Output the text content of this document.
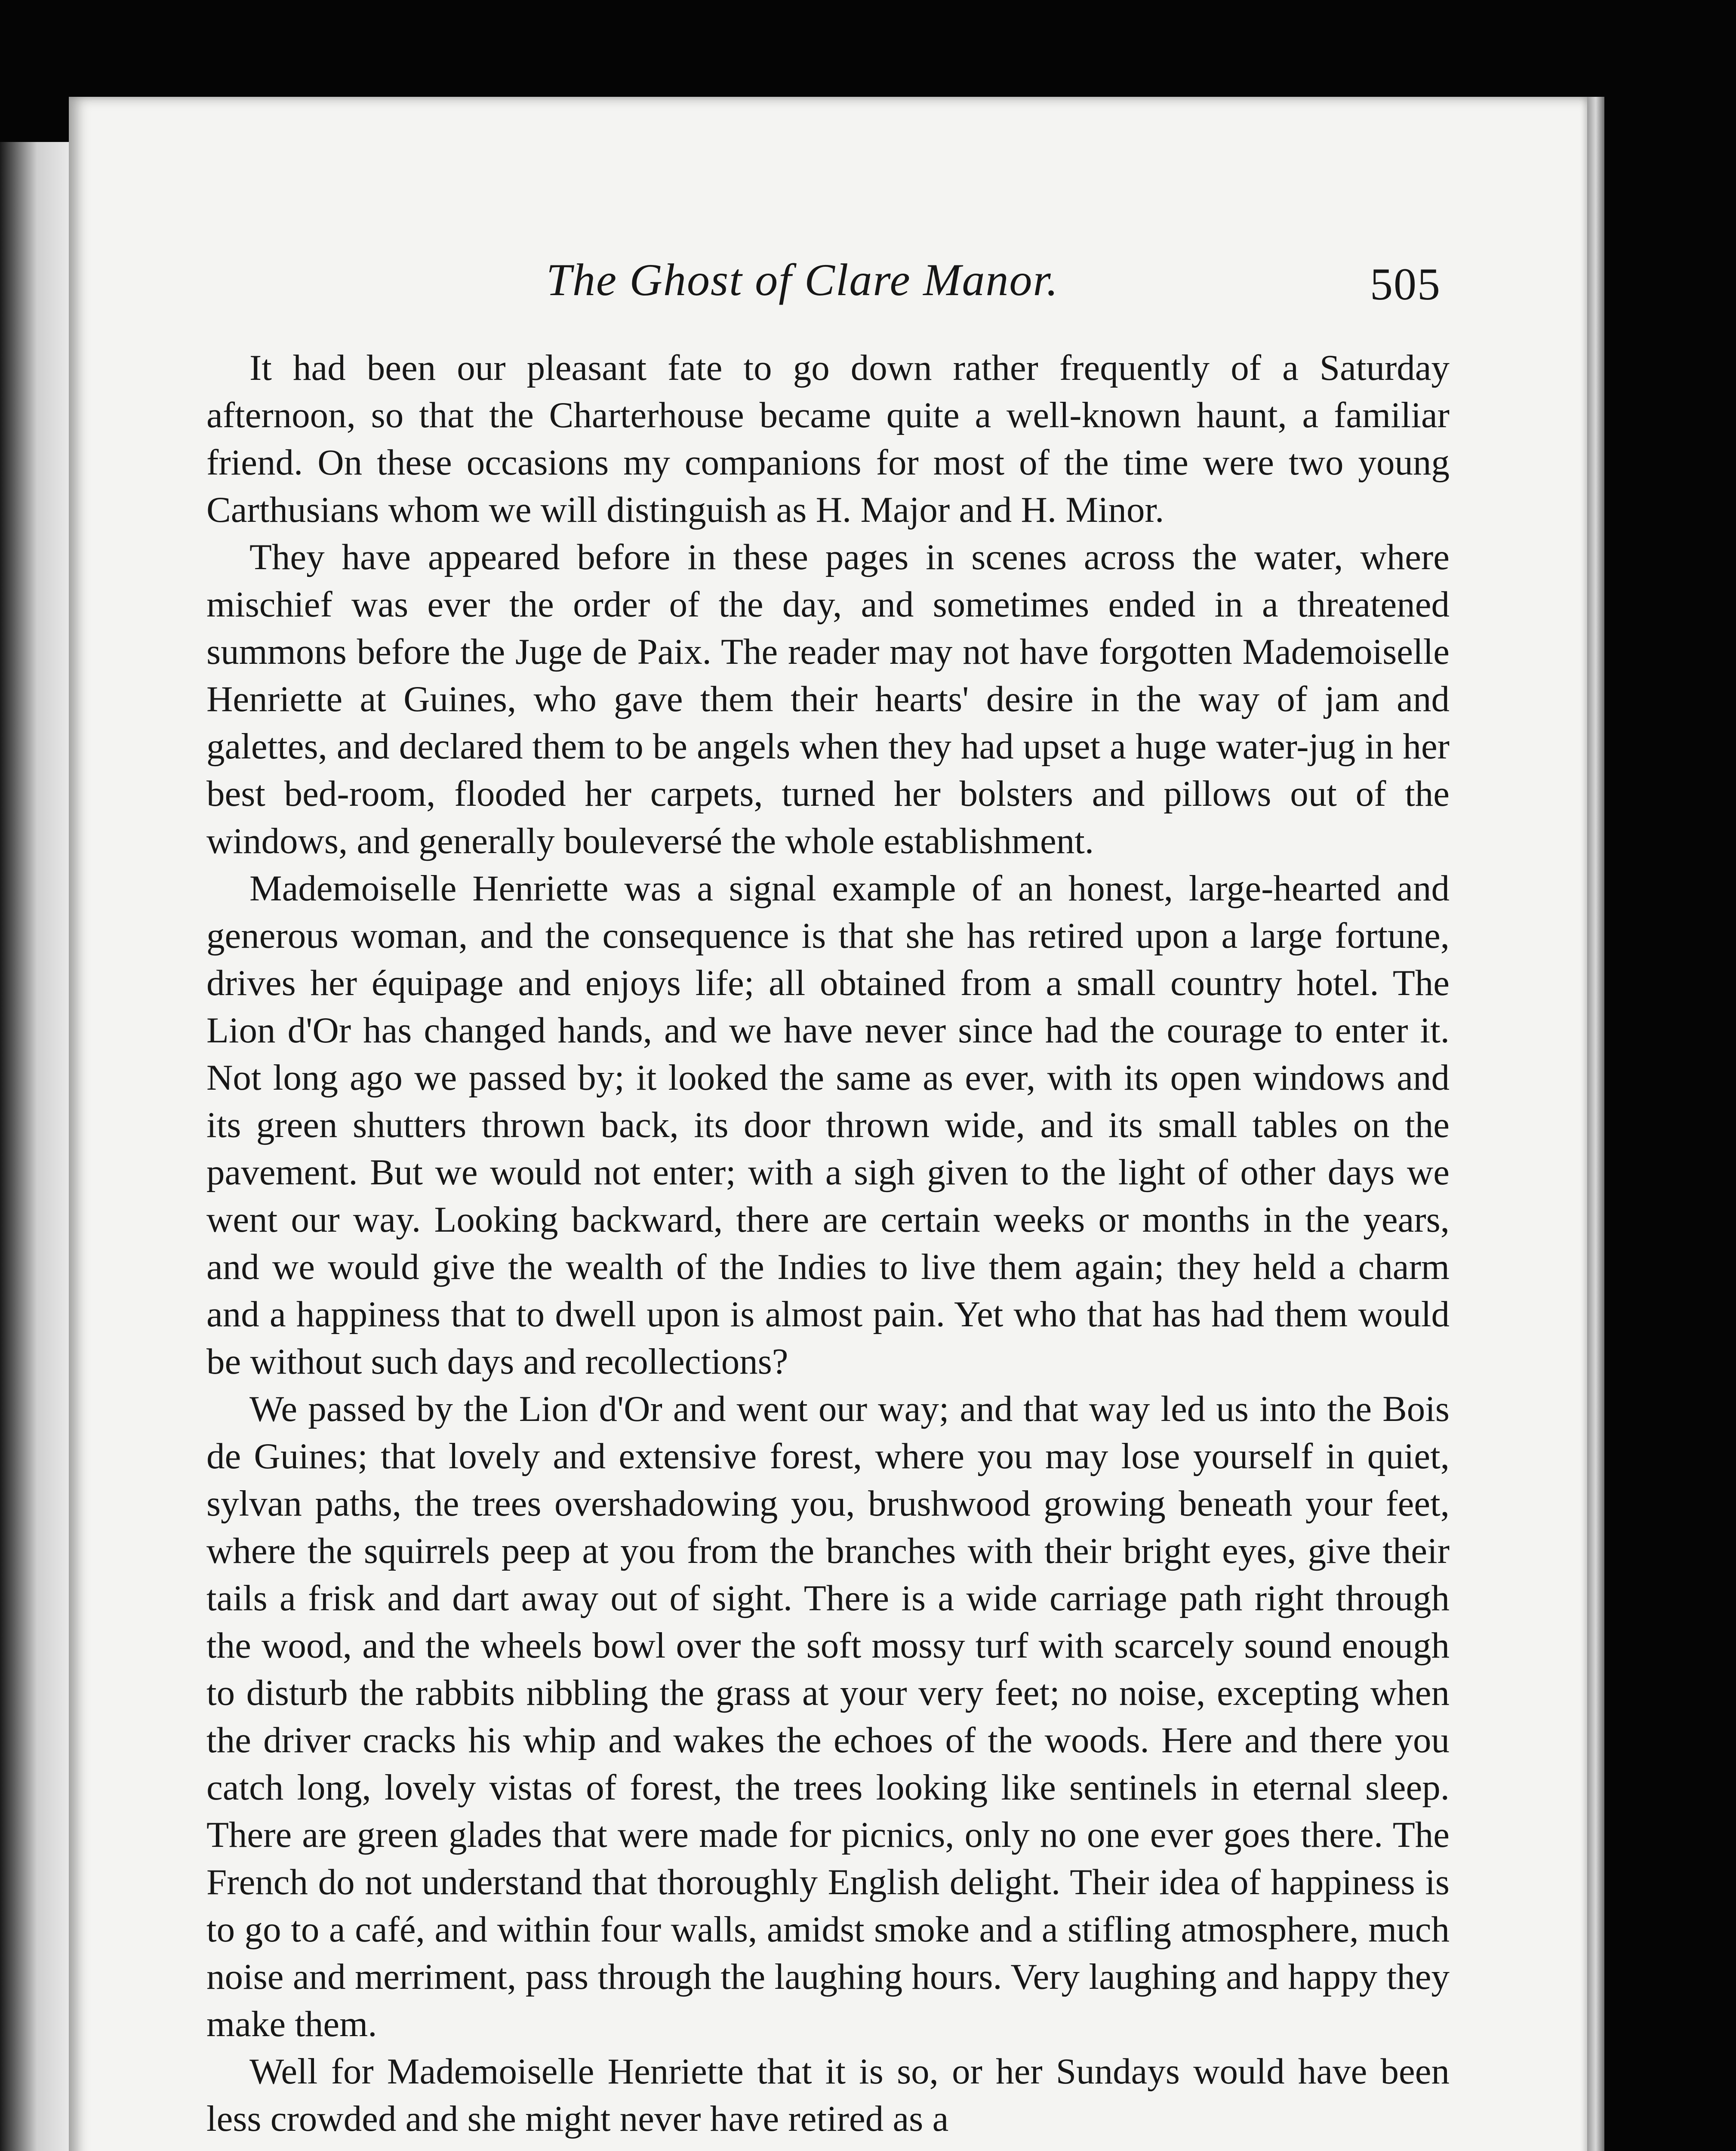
The Ghost of Clare Manor.	505

It had been our pleasant fate to go down rather frequently of a Saturday afternoon, so that the Charterhouse became quite a well-known haunt, a familiar friend. On these occasions my companions for most of the time were two young Carthusians whom we will distinguish as H. Major and H. Minor.

They have appeared before in these pages in scenes across the water, where mischief was ever the order of the day, and sometimes ended in a threatened summons before the Juge de Paix. The reader may not have forgotten Mademoiselle Henriette at Guines, who gave them their hearts' desire in the way of jam and galettes, and declared them to be angels when they had upset a huge water-jug in her best bed-room, flooded her carpets, turned her bolsters and pillows out of the windows, and generally bouleversé the whole establishment.

Mademoiselle Henriette was a signal example of an honest, large-hearted and generous woman, and the consequence is that she has retired upon a large fortune, drives her équipage and enjoys life; all obtained from a small country hotel. The Lion d'Or has changed hands, and we have never since had the courage to enter it. Not long ago we passed by; it looked the same as ever, with its open windows and its green shutters thrown back, its door thrown wide, and its small tables on the pavement. But we would not enter; with a sigh given to the light of other days we went our way. Looking backward, there are certain weeks or months in the years, and we would give the wealth of the Indies to live them again; they held a charm and a happiness that to dwell upon is almost pain. Yet who that has had them would be without such days and recollections?

We passed by the Lion d'Or and went our way; and that way led us into the Bois de Guines; that lovely and extensive forest, where you may lose yourself in quiet, sylvan paths, the trees overshadowing you, brushwood growing beneath your feet, where the squirrels peep at you from the branches with their bright eyes, give their tails a frisk and dart away out of sight. There is a wide carriage path right through the wood, and the wheels bowl over the soft mossy turf with scarcely sound enough to disturb the rabbits nibbling the grass at your very feet; no noise, excepting when the driver cracks his whip and wakes the echoes of the woods. Here and there you catch long, lovely vistas of forest, the trees looking like sentinels in eternal sleep. There are green glades that were made for picnics, only no one ever goes there. The French do not understand that thoroughly English delight. Their idea of happiness is to go to a café, and within four walls, amidst smoke and a stifling atmosphere, much noise and merriment, pass through the laughing hours. Very laughing and happy they make them.

Well for Mademoiselle Henriette that it is so, or her Sundays would have been less crowded and she might never have retired as a
